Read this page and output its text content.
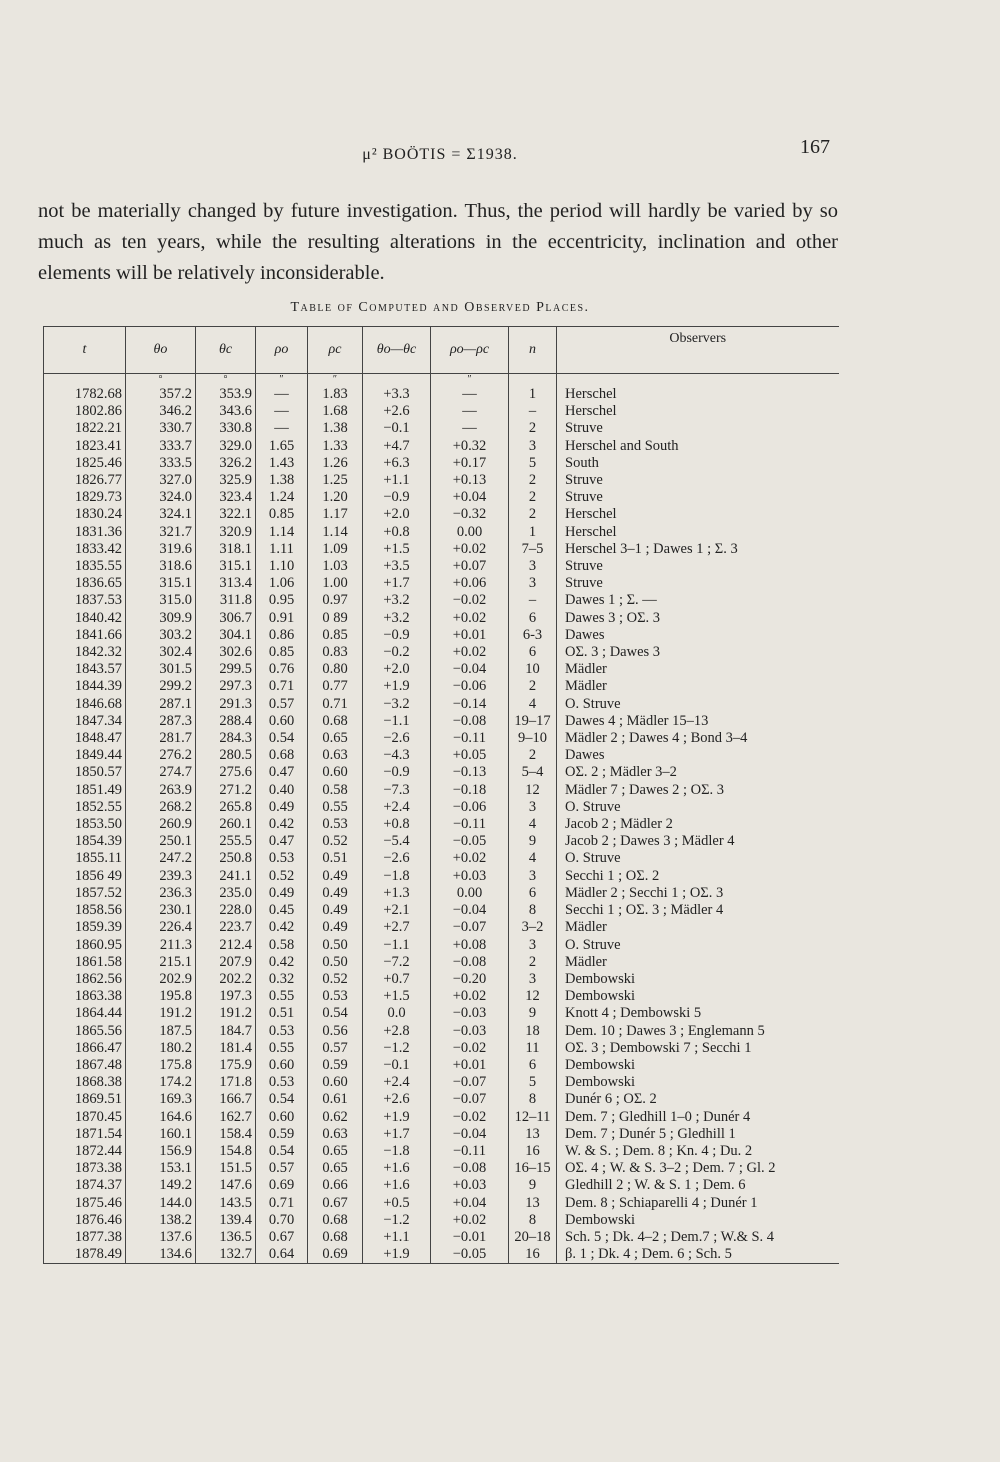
μ² BOÖTIS = Σ1938.	167
not be materially changed by future investigation. Thus, the period will hardly be varied by so much as ten years, while the resulting alterations in the eccentricity, inclination and other elements will be relatively inconsiderable.
Table of Computed and Observed Places.
t	θo	θc	ρo	ρc	θo—θc	ρo—ρc	n	Observers
	°	°	″	″		″		
1782.68	357.2	353.9	—	1.83	+3.3	—	1	Herschel
1802.86	346.2	343.6	—	1.68	+2.6	—	–	Herschel
1822.21	330.7	330.8	—	1.38	−0.1	—	2	Struve
1823.41	333.7	329.0	1.65	1.33	+4.7	+0.32	3	Herschel and South
1825.46	333.5	326.2	1.43	1.26	+6.3	+0.17	5	South
1826.77	327.0	325.9	1.38	1.25	+1.1	+0.13	2	Struve
1829.73	324.0	323.4	1.24	1.20	−0.9	+0.04	2	Struve
1830.24	324.1	322.1	0.85	1.17	+2.0	−0.32	2	Herschel
1831.36	321.7	320.9	1.14	1.14	+0.8	0.00	1	Herschel
1833.42	319.6	318.1	1.11	1.09	+1.5	+0.02	7–5	Herschel 3–1 ; Dawes 1 ; Σ. 3
1835.55	318.6	315.1	1.10	1.03	+3.5	+0.07	3	Struve
1836.65	315.1	313.4	1.06	1.00	+1.7	+0.06	3	Struve
1837.53	315.0	311.8	0.95	0.97	+3.2	−0.02	–	Dawes 1 ; Σ. —
1840.42	309.9	306.7	0.91	0 89	+3.2	+0.02	6	Dawes 3 ; OΣ. 3
1841.66	303.2	304.1	0.86	0.85	−0.9	+0.01	6-3	Dawes
1842.32	302.4	302.6	0.85	0.83	−0.2	+0.02	6	OΣ. 3 ; Dawes 3
1843.57	301.5	299.5	0.76	0.80	+2.0	−0.04	10	Mädler
1844.39	299.2	297.3	0.71	0.77	+1.9	−0.06	2	Mädler
1846.68	287.1	291.3	0.57	0.71	−3.2	−0.14	4	O. Struve
1847.34	287.3	288.4	0.60	0.68	−1.1	−0.08	19–17	Dawes 4 ; Mädler 15–13
1848.47	281.7	284.3	0.54	0.65	−2.6	−0.11	9–10	Mädler 2 ; Dawes 4 ; Bond 3–4
1849.44	276.2	280.5	0.68	0.63	−4.3	+0.05	2	Dawes
1850.57	274.7	275.6	0.47	0.60	−0.9	−0.13	5–4	OΣ. 2 ; Mädler 3–2
1851.49	263.9	271.2	0.40	0.58	−7.3	−0.18	12	Mädler 7 ; Dawes 2 ; OΣ. 3
1852.55	268.2	265.8	0.49	0.55	+2.4	−0.06	3	O. Struve
1853.50	260.9	260.1	0.42	0.53	+0.8	−0.11	4	Jacob 2 ; Mädler 2
1854.39	250.1	255.5	0.47	0.52	−5.4	−0.05	9	Jacob 2 ; Dawes 3 ; Mädler 4
1855.11	247.2	250.8	0.53	0.51	−2.6	+0.02	4	O. Struve
1856 49	239.3	241.1	0.52	0.49	−1.8	+0.03	3	Secchi 1 ; OΣ. 2
1857.52	236.3	235.0	0.49	0.49	+1.3	0.00	6	Mädler 2 ; Secchi 1 ; OΣ. 3
1858.56	230.1	228.0	0.45	0.49	+2.1	−0.04	8	Secchi 1 ; OΣ. 3 ; Mädler 4
1859.39	226.4	223.7	0.42	0.49	+2.7	−0.07	3–2	Mädler
1860.95	211.3	212.4	0.58	0.50	−1.1	+0.08	3	O. Struve
1861.58	215.1	207.9	0.42	0.50	−7.2	−0.08	2	Mädler
1862.56	202.9	202.2	0.32	0.52	+0.7	−0.20	3	Dembowski
1863.38	195.8	197.3	0.55	0.53	+1.5	+0.02	12	Dembowski
1864.44	191.2	191.2	0.51	0.54	0.0	−0.03	9	Knott 4 ; Dembowski 5
1865.56	187.5	184.7	0.53	0.56	+2.8	−0.03	18	Dem. 10 ; Dawes 3 ; Englemann 5
1866.47	180.2	181.4	0.55	0.57	−1.2	−0.02	11	OΣ. 3 ; Dembowski 7 ; Secchi 1
1867.48	175.8	175.9	0.60	0.59	−0.1	+0.01	6	Dembowski
1868.38	174.2	171.8	0.53	0.60	+2.4	−0.07	5	Dembowski
1869.51	169.3	166.7	0.54	0.61	+2.6	−0.07	8	Dunér 6 ; OΣ. 2
1870.45	164.6	162.7	0.60	0.62	+1.9	−0.02	12–11	Dem. 7 ; Gledhill 1–0 ; Dunér 4
1871.54	160.1	158.4	0.59	0.63	+1.7	−0.04	13	Dem. 7 ; Dunér 5 ; Gledhill 1
1872.44	156.9	154.8	0.54	0.65	−1.8	−0.11	16	W. & S. ; Dem. 8 ; Kn. 4 ; Du. 2
1873.38	153.1	151.5	0.57	0.65	+1.6	−0.08	16–15	OΣ. 4 ; W. & S. 3–2 ; Dem. 7 ; Gl. 2
1874.37	149.2	147.6	0.69	0.66	+1.6	+0.03	9	Gledhill 2 ; W. & S. 1 ; Dem. 6
1875.46	144.0	143.5	0.71	0.67	+0.5	+0.04	13	Dem. 8 ; Schiaparelli 4 ; Dunér 1
1876.46	138.2	139.4	0.70	0.68	−1.2	+0.02	8	Dembowski
1877.38	137.6	136.5	0.67	0.68	+1.1	−0.01	20–18	Sch. 5 ; Dk. 4–2 ; Dem.7 ; W.& S. 4
1878.49	134.6	132.7	0.64	0.69	+1.9	−0.05	16	β. 1 ; Dk. 4 ; Dem. 6 ; Sch. 5
